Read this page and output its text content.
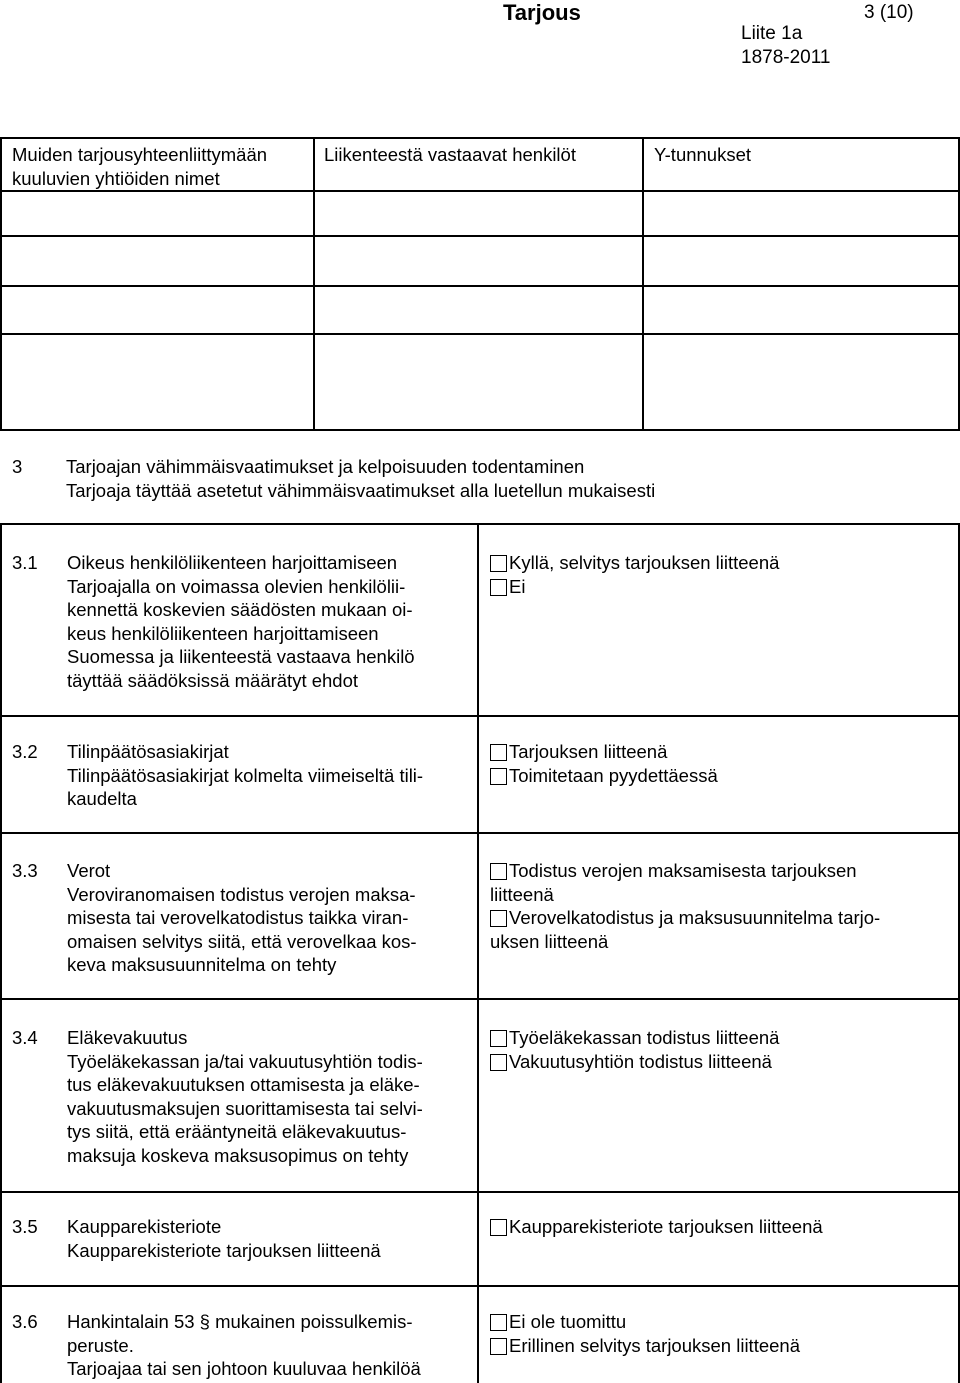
Tarjous	3 (10)
Liite 1a
1878-2011
Muiden tarjousyhteenliittymään
kuuluvien yhtiöiden nimet
Liikenteestä vastaavat henkilöt	Y-tunnukset
3 Tarjoajan vähimmäisvaatimukset ja kelpoisuuden todentaminen
Tarjoaja täyttää asetetut vähimmäisvaatimukset alla luetellun mukaisesti
3.1 Oikeus henkilöliikenteen harjoittamiseen
Tarjoajalla on voimassa olevien henkilölii-
kennettä koskevien säädösten mukaan oi-
keus henkilöliikenteen harjoittamiseen
Suomessa ja liikenteestä vastaava henkilö
täyttää säädöksissä määrätyt ehdot
Kyllä, selvitys tarjouksen liitteenä
Ei
3.2 Tilinpäätösasiakirjat
Tilinpäätösasiakirjat kolmelta viimeiseltä tili-
kaudelta
Tarjouksen liitteenä
Toimitetaan pyydettäessä
3.3 Verot
Veroviranomaisen todistus verojen maksa-
misesta tai verovelkatodistus taikka viran-
omaisen selvitys siitä, että verovelkaa kos-
keva maksusuunnitelma on tehty
Todistus verojen maksamisesta tarjouksen
liitteenä
Verovelkatodistus ja maksusuunnitelma tarjo-
uksen liitteenä
3.4 Eläkevakuutus
Työeläkekassan ja/tai vakuutusyhtiön todis-
tus eläkevakuutuksen ottamisesta ja eläke-
vakuutusmaksujen suorittamisesta tai selvi-
tys siitä, että erääntyneitä eläkevakuutus-
maksuja koskeva maksusopimus on tehty
Työeläkekassan todistus liitteenä
Vakuutusyhtiön todistus liitteenä
3.5 Kaupparekisteriote
Kaupparekisteriote tarjouksen liitteenä
Kaupparekisteriote tarjouksen liitteenä
3.6 Hankintalain 53 § mukainen poissulkemis-
peruste.
Tarjoajaa tai sen johtoon kuuluvaa henkilöä
Ei ole tuomittu
Erillinen selvitys tarjouksen liitteenä
